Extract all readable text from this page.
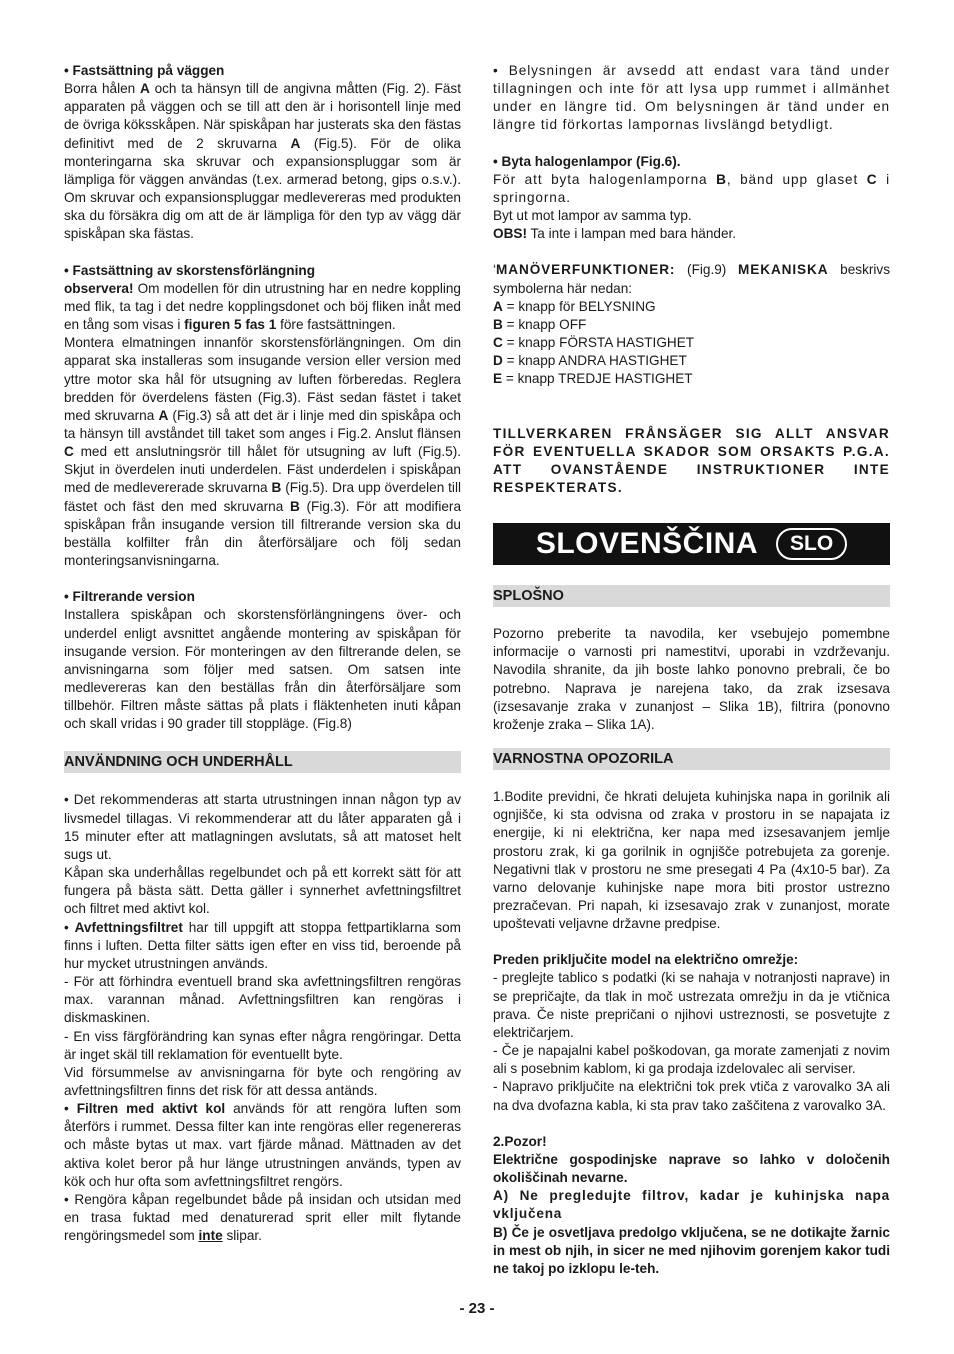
• Fastsättning på väggen

Borra hålen A och ta hänsyn till de angivna måtten (Fig. 2). Fäst apparaten på väggen och se till att den är i horisontell linje med de övriga köksskåpen. När spiskåpan har justerats ska den fästas definitivt med de 2 skruvarna A (Fig.5). För de olika monteringarna ska skruvar och expansionspluggar som är lämpliga för väggen användas (t.ex. armerad betong, gips o.s.v.). Om skruvar och expansionspluggar medlevereras med produkten ska du försäkra dig om att de är lämpliga för den typ av vägg där spiskåpan ska fästas.

• Fastsättning av skorstensförlängning

observera! Om modellen för din utrustning har en nedre koppling med flik, ta tag i det nedre kopplingsdonet och böj fliken inåt med en tång som visas i figuren 5 fas 1 före fastsättningen.

Montera elmatningen innanför skorstensförlängningen. Om din apparat ska installeras som insugande version eller version med yttre motor ska hål för utsugning av luften förberedas. Reglera bredden för överdelens fästen (Fig.3). Fäst sedan fästet i taket med skruvarna A (Fig.3) så att det är i linje med din spiskåpa och ta hänsyn till avståndet till taket som anges i Fig.2. Anslut flänsen C med ett anslutningsrör till hålet för utsugning av luft (Fig.5). Skjut in överdelen inuti underdelen. Fäst underdelen i spiskåpan med de medlevererade skruvarna B (Fig.5). Dra upp överdelen till fästet och fäst den med skruvarna B (Fig.3). För att modifiera spiskåpan från insugande version till filtrerande version ska du beställa kolfilter från din återförsäljare och följ sedan monteringsanvisningarna.

• Filtrerande version

Installera spiskåpan och skorstensförlängningens över- och underdel enligt avsnittet angående montering av spiskåpan för insugande version. För monteringen av den filtrerande delen, se anvisningarna som följer med satsen. Om satsen inte medlevereras kan den beställas från din återförsäljare som tillbehör. Filtren måste sättas på plats i fläktenheten inuti kåpan och skall vridas i 90 grader till stoppläge. (Fig.8)

ANVÄNDNING OCH UNDERHÅLL

• Det rekommenderas att starta utrustningen innan någon typ av livsmedel tillagas. Vi rekommenderar att du låter apparaten gå i 15 minuter efter att matlagningen avslutats, så att matoset helt sugs ut.

Kåpan ska underhållas regelbundet och på ett korrekt sätt för att fungera på bästa sätt. Detta gäller i synnerhet avfettningsfiltret och filtret med aktivt kol.

• Avfettningsfiltret har till uppgift att stoppa fettpartiklarna som finns i luften. Detta filter sätts igen efter en viss tid, beroende på hur mycket utrustningen används.

- För att förhindra eventuell brand ska avfettningsfiltren rengöras max. varannan månad. Avfettningsfiltren kan rengöras i diskmaskinen.

- En viss färgförändring kan synas efter några rengöringar. Detta är inget skäl till reklamation för eventuellt byte.

Vid försummelse av anvisningarna för byte och rengöring av avfettningsfiltren finns det risk för att dessa antänds.

• Filtren med aktivt kol används för att rengöra luften som återförs i rummet. Dessa filter kan inte rengöras eller regenereras och måste bytas ut max. vart fjärde månad. Mättnaden av det aktiva kolet beror på hur länge utrustningen används, typen av kök och hur ofta som avfettningsfiltret rengörs.

• Rengöra kåpan regelbundet både på insidan och utsidan med en trasa fuktad med denaturerad sprit eller milt flytande rengöringsmedel som inte slipar.

• Belysningen är avsedd att endast vara tänd under tillagningen och inte för att lysa upp rummet i allmänhet under en längre tid. Om belysningen är tänd under en längre tid förkortas lampornas livslängd betydligt.

• Byta halogenlampor (Fig.6).

För att byta halogenlamporna B, bänd upp glaset C i springorna.

Byt ut mot lampor av samma typ.

OBS! Ta inte i lampan med bara händer.

‘MANÖVERFUNKTIONER: (Fig.9) MEKANISKA beskrivs symbolerna här nedan:

A = knapp för BELYSNING

B = knapp OFF

C = knapp FÖRSTA HASTIGHET

D = knapp ANDRA HASTIGHET

E = knapp TREDJE HASTIGHET

TILLVERKAREN FRÅNSÄGER SIG ALLT ANSVAR FÖR EVENTUELLA SKADOR SOM ORSAKTS P.G.A. ATT OVANSTÅENDE INSTRUKTIONER INTE RESPEKTERATS.

SLOVENŠČINA	SLO
SPLOŠNO

Pozorno preberite ta navodila, ker vsebujejo pomembne informacije o varnosti pri namestitvi, uporabi in vzdrževanju. Navodila shranite, da jih boste lahko ponovno prebrali, če bo potrebno. Naprava je narejena tako, da zrak izsesava (izsesavanje zraka v zunanjost – Slika 1B), filtrira (ponovno kroženje zraka – Slika 1A).

VARNOSTNA OPOZORILA

1.Bodite previdni, če hkrati delujeta kuhinjska napa in gorilnik ali ognjišče, ki sta odvisna od zraka v prostoru in se napajata iz energije, ki ni električna, ker napa med izsesavanjem jemlje prostoru zrak, ki ga gorilnik in ognjišče potrebujeta za gorenje. Negativni tlak v prostoru ne sme presegati 4 Pa (4x10-5 bar). Za varno delovanje kuhinjske nape mora biti prostor ustrezno prezračevan. Pri napah, ki izsesavajo zrak v zunanjost, morate upoštevati veljavne državne predpise.

Preden priključite model na električno omrežje:

- preglejte tablico s podatki (ki se nahaja v notranjosti naprave) in se prepričajte, da tlak in moč ustrezata omrežju in da je vtičnica prava. Če niste prepričani o njihovi ustreznosti, se posvetujte z električarjem.

- Če je napajalni kabel poškodovan, ga morate zamenjati z novim ali s posebnim kablom, ki ga prodaja izdelovalec ali serviser.

- Napravo priključite na električni tok prek vtiča z varovalko 3A ali na dva dvofazna kabla, ki sta prav tako zaščitena z varovalko 3A.

2.Pozor!

Električne gospodinjske naprave so lahko v določenih okoliščinah nevarne.

A) Ne pregledujte filtrov, kadar je kuhinjska napa vključena

B) Če je osvetljava predolgo vključena, se ne dotikajte žarnic in mest ob njih, in sicer ne med njihovim gorenjem kakor tudi ne takoj po izklopu le-teh.

- 23 -
